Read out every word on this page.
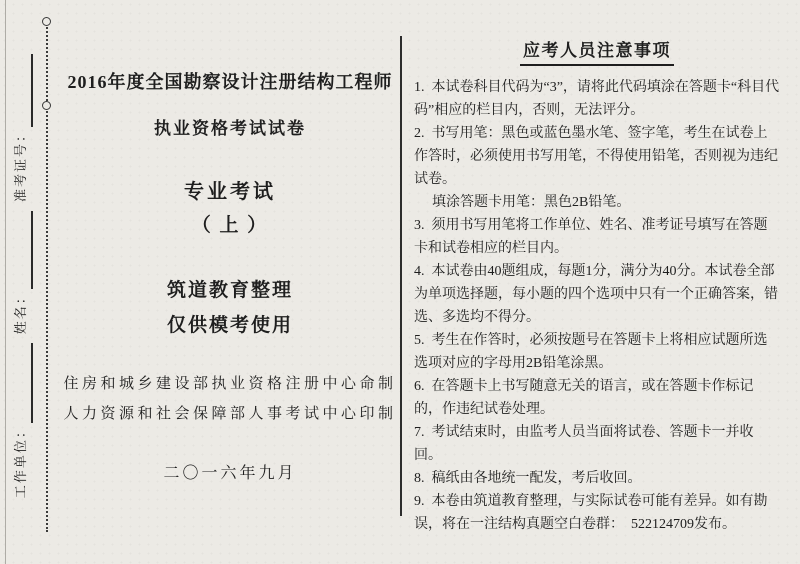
工作单位：
姓名：
准考证号：
2016年度全国勘察设计注册结构工程师
执业资格考试试卷
专业考试
（ 上 ）
筑道教育整理
仅供模考使用
住房和城乡建设部执业资格注册中心命制
人力资源和社会保障部人事考试中心印制
二〇一六年九月
应考人员注意事项

1.  本试卷科目代码为“3”，请将此代码填涂在答题卡“科目代码”相应的栏目内，否则，无法评分。

2.  书写用笔：黑色或蓝色墨水笔、签字笔，考生在试卷上作答时，必须使用书写用笔，不得使用铅笔，否则视为违纪试卷。

填涂答题卡用笔：黑色2B铅笔。

3.  须用书写用笔将工作单位、姓名、准考证号填写在答题卡和试卷相应的栏目内。

4.  本试卷由40题组成，每题1分，满分为40分。本试卷全部为单项选择题，每小题的四个选项中只有一个正确答案，错选、多选均不得分。

5.  考生在作答时，必须按题号在答题卡上将相应试题所选选项对应的字母用2B铅笔涂黑。

6.  在答题卡上书写随意无关的语言，或在答题卡作标记的，作违纪试卷处理。

7.  考试结束时，由监考人员当面将试卷、答题卡一并收回。

8.  稿纸由各地统一配发，考后收回。

9.  本卷由筑道教育整理，与实际试卷可能有差异。如有勘误，将在一注结构真题空白卷群：  522124709发布。
